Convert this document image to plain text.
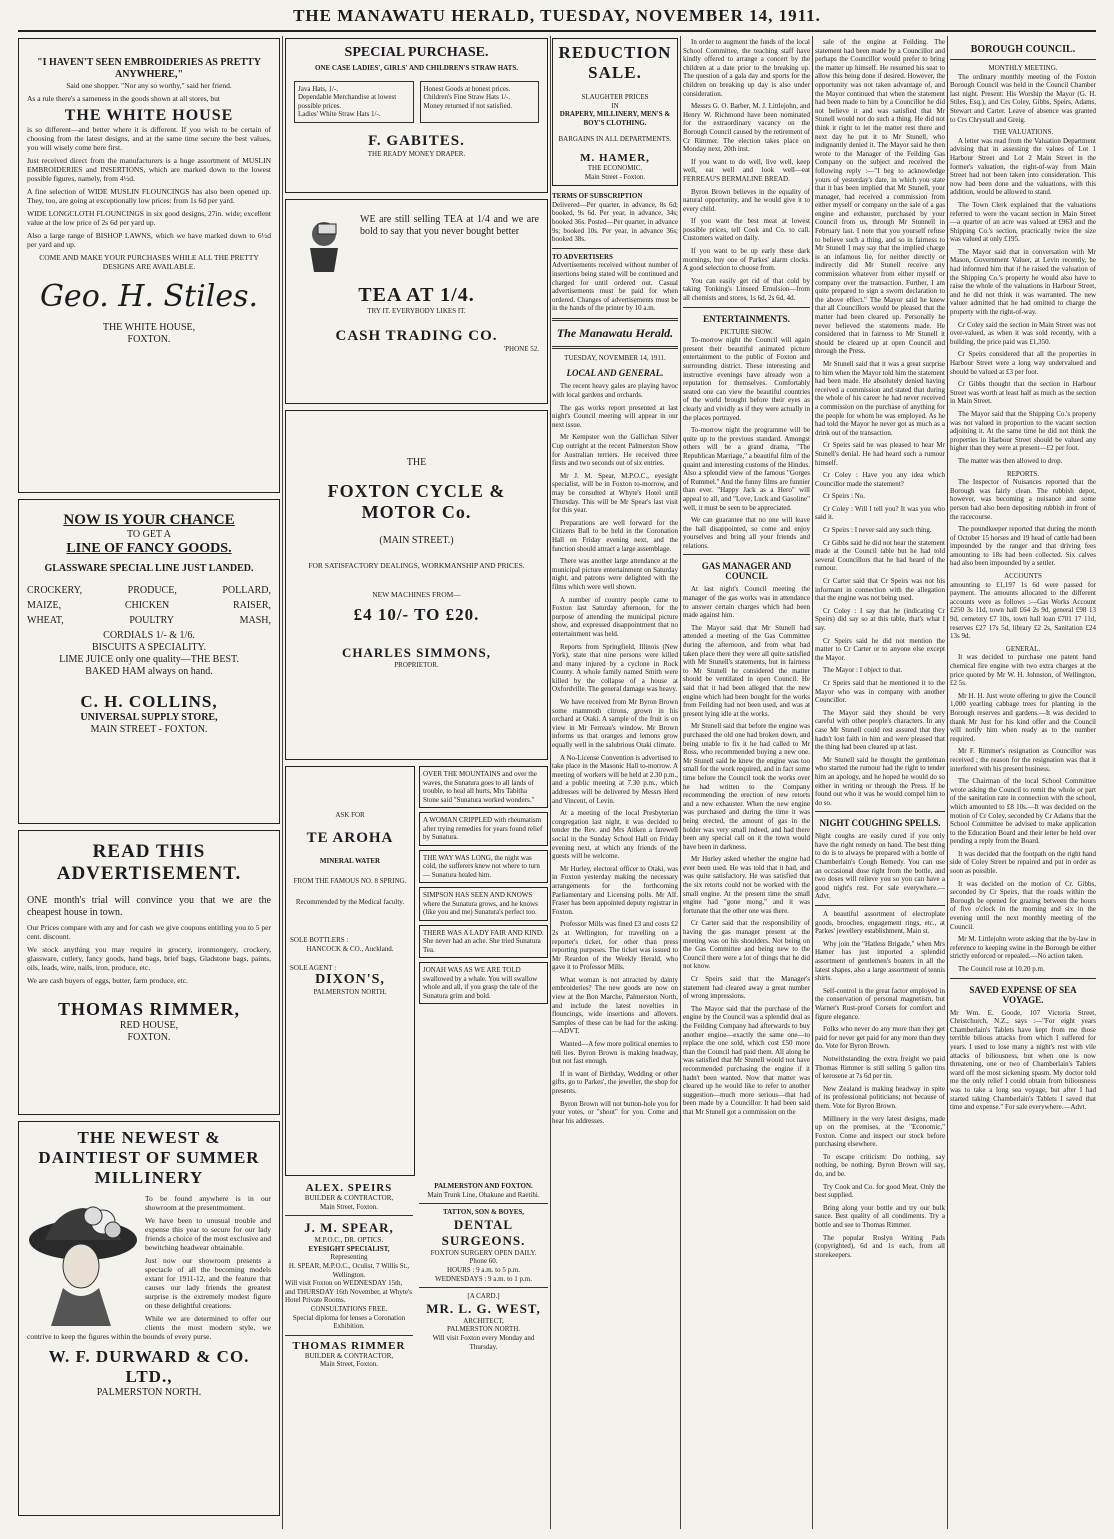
THE MANAWATU HERALD, TUESDAY, NOVEMBER 14, 1911.
"I HAVEN'T SEEN EMBROIDERIES AS PRETTY ANYWHERE,"

Said one shopper. "Nor any so worthy," said her friend.

As a rule there's a sameness in the goods shown at all stores, but

THE WHITE HOUSE

is so different—and better where it is different. If you wish to be certain of choosing from the latest designs, and at the same time secure the best values, you will wisely come here first.

Just received direct from the manufacturers is a huge assortment of MUSLIN EMBROIDERIES and INSERTIONS, which are marked down to the lowest possible figures, namely, from 4½d.

A fine selection of WIDE MUSLIN FLOUNCINGS has also been opened up. They, too, are going at exceptionally low prices: from 1s 6d per yard.

WIDE LONGCLOTH FLOUNCINGS in six good designs, 27in. wide; excellent value at the low price of 2s 6d per yard up.

Also a large range of BISHOP LAWNS, which we have marked down to 6½d per yard and up.

COME AND MAKE YOUR PURCHASES WHILE ALL THE PRETTY DESIGNS ARE AVAILABLE.

Geo. H. Stiles.
THE WHITE HOUSE,
FOXTON.
NOW IS YOUR CHANCE
TO GET A
LINE OF FANCY GOODS.
GLASSWARE SPECIAL LINE JUST LANDED.
CROCKERY,	PRODUCE,	POLLARD,
MAIZE,	CHICKEN	RAISER,
WHEAT,	POULTRY	MASH,
CORDIALS 1/- & 1/6.
BISCUITS A SPECIALITY.
LIME JUICE only one quality—THE BEST.
BAKED HAM always on hand.
C. H. COLLINS,
UNIVERSAL SUPPLY STORE,
MAIN STREET - FOXTON.
READ THIS ADVERTISEMENT.

ONE month's trial will convince you that we are the cheapest house in town.

Our Prices compare with any and for cash we give coupons entitling you to 5 per cent. discount.

We stock anything you may require in grocery, ironmongery, crockery, glassware, cutlery, fancy goods, hand bags, brief bags, Gladstone bags, paints, oils, leads, wire, nails, iron, produce, etc.

We are cash buyers of eggs, butter, farm produce, etc.

THOMAS RIMMER,
RED HOUSE,
FOXTON.
THE NEWEST & DAINTIEST OF SUMMER MILLINERY

To be found anywhere is in our showroom at the presentmoment.

We have been to unusual trouble and expense this year to secure for our lady friends a choice of the most exclusive and bewitching headwear obtainable.

Just now our showroom presents a spectacle of all the becoming models extant for 1911-12, and the feature that causes our lady friends the greatest surprise is the extremely modest figure on these delightful creations.

While we are determined to offer our clients the most modern style, we contrive to keep the figures within the bounds of every purse.

W. F. DURWARD & CO. LTD.,
PALMERSTON NORTH.
SPECIAL PURCHASE.
ONE CASE LADIES', GIRLS' AND CHILDREN'S STRAW HATS.
Java Hats, 1/-.
Dependable Merchandise at lowest possible prices.
Ladies' White Straw Hats 1/-.
Honest Goods at honest prices.
Children's Fine Straw Hats 1/-.
Money returned if not satisfied.
F. GABITES.
THE READY MONEY DRAPER.

WE are still selling TEA at 1/4 and we are bold to say that you never bought better

TEA AT 1/4.
TRY IT. EVERYBODY LIKES IT.
CASH TRADING CO.
'PHONE 52.
THE
FOXTON CYCLE & MOTOR Co.
(MAIN STREET.)
FOR SATISFACTORY DEALINGS, WORKMANSHIP AND PRICES.
NEW MACHINES FROM—
£4 10/- TO £20.
CHARLES SIMMONS,
PROPRIETOR.
ASK FOR
TE AROHA
MINERAL WATER
FROM THE FAMOUS NO. 8 SPRING.
Recommended by the Medical faculty.
SOLE BOTTLERS :
HANCOCK & CO., Auckland.
SOLE AGENT :
DIXON'S,
PALMERSTON NORTH.
OVER THE MOUNTAINS and over the waves, the Sunatura goes to all lands of trouble, to heal all hurts, Mrs Tabitha Stone said "Sunatura worked wonders."
A WOMAN CRIPPLED with rheumatism after trying remedies for years found relief by Sunatura.
THE WAY WAS LONG, the night was cold, the sufferers knew not where to turn — Sunatura healed him.
SIMPSON HAS SEEN AND KNOWS where the Sunatura grows, and he knows (like you and me) Sunatura's perfect too.
THERE WAS A LADY FAIR AND KIND. She never had an ache. She tried Sunatura Tea.
JONAH WAS AS WE ARE TOLD swallowed by a whale. You will swallow whole and all, if you grasp the tale of the Sunatura grim and bold.
ALEX. SPEIRS
BUILDER & CONTRACTOR,
Main Street, Foxton.
J. M. SPEAR,
M.P.O.C., DR. OPTICS.
EYESIGHT SPECIALIST,
Representing
H. SPEAR, M.P.O.C., Oculist, 7 Willis St., Wellington.
Will visit Foxton on WEDNESDAY 15th, and THURSDAY 16th November, at Whyte's Hotel Private Rooms.
CONSULTATIONS FREE.
Special diploma for lenses a Coronation Exhibition.
THOMAS RIMMER
BUILDER & CONTRACTOR,
Main Street, Foxton.
PALMERSTON AND FOXTON.
Main Trunk Line, Ohakune and Raetihi.
TATTON, SON & BOYES,
DENTAL SURGEONS.
FOXTON SURGERY OPEN DAILY.
Phone 60.
HOURS : 9 a.m. to 5 p.m.
WEDNESDAYS : 9 a.m. to 1 p.m.
[A CARD.]
MR. L. G. WEST,
ARCHITECT,
PALMERSTON NORTH.
Will visit Foxton every Monday and Thursday.
REDUCTION
SALE.
SLAUGHTER PRICES
IN
DRAPERY, MILLINERY, MEN'S & BOY'S CLOTHING.
BARGAINS IN ALL DEPARTMENTS.
M. HAMER,
THE ECONOMIC.
Main Street - Foxton.
TERMS OF SUBSCRIPTION

Delivered—Per quarter, in advance, 8s 6d; booked, 9s 6d. Per year, in advance, 34s; booked 36s. Posted—Per quarter, in advance 9s; booked 10s. Per year, in advance 36s; booked 38s.

TO ADVERTISERS

Advertisements received without number of insertions being stated will be continued and charged for until ordered out. Casual advertisements must be paid for when ordered. Changes of advertisements must be in the hands of the printer by 10 a.m.

The Manawatu Herald.
TUESDAY, NOVEMBER 14, 1911.
LOCAL AND GENERAL.

The recent heavy gales are playing havoc with local gardens and orchards.

The gas works report presented at last night's Council meeting will appear in our next issue.

Mr Kempster won the Gallichan Silver Cup outright at the recent Palmerston Show for Australian terriers. He received three firsts and two seconds out of six entries.

Mr J. M. Spear, M.P.O.C., eyesight specialist, will be in Foxton to-morrow, and may be consulted at Whyte's Hotel until Thursday. This will be Mr Spear's last visit for this year.

Preparations are well forward for the Citizens Ball to be held in the Coronation Hall on Friday evening next, and the function should attract a large assemblage.

There was another large attendance at the municipal picture entertainment on Saturday night, and patrons were delighted with the films which were well shown.

A number of country people came to Foxton last Saturday afternoon, for the purpose of attending the municipal picture show, and expressed disappointment that no entertainment was held.

Reports from Springfield, Illinois (New York), state that nine persons were killed and many injured by a cyclone in Rock County. A whole family named Smith were killed by the collapse of a house at Oxfordville. The general damage was heavy.

We have received from Mr Byron Brown some mammoth citrons, grown in his orchard at Otaki. A sample of the fruit is on view in Mr Ferreau's window. Mr Brown informs us that oranges and lemons grow equally well in the salubrious Otaki climate.

A No-License Convention is advertised to take place in the Masonic Hall to-morrow. A meeting of workers will be held at 2.30 p.m., and a public meeting at 7.30 p.m., which addresses will be delivered by Messrs Herd and Vincent, of Levin.

At a meeting of the local Presbyterian congregation last night, it was decided to tender the Rev. and Mrs Aitken a farewell social in the Sunday School Hall on Friday evening next, at which any friends of the guests will be welcome.

Mr Hurley, electoral officer to Otaki, was in Foxton yesterday making the necessary arrangements for the forthcoming Parliamentary and Licensing polls. Mr Alf. Fraser has been appointed deputy registrar in Foxton.

Professor Mills was fined £3 and costs £2 2s at Wellington, for travelling on a reporter's ticket, for other than press reporting purposes. The ticket was issued to Mr Reardon of the Weekly Herald, who gave it to Professor Mills.

What woman is not attracted by dainty embroideries? The new goods are now on view at the Bon Marche, Palmerston North, and include the latest novelties in flouncings, wide insertions and allovers. Samples of these can be had for the asking.—ADVT.

Wanted—A few more political enemies to tell lies. Byron Brown is making headway, but not fast enough.

If in want of Birthday, Wedding or other gifts, go to Parkes', the jeweller, the shop for presents.

Byron Brown will not button-hole you for your votes, or "shout" for you. Come and hear his addresses.

In order to augment the funds of the local School Committee, the teaching staff have kindly offered to arrange a concert by the children at a date prior to the breaking up. The question of a gala day and sports for the children on breaking up day is also under consideration.

Messrs G. O. Barber, M. J. Littlejohn, and Henry W. Richmond have been nominated for the extraordinary vacancy on the Borough Council caused by the retirement of Cr Rimmer. The election takes place on Monday next, 20th inst.

If you want to do well, live well, keep well, eat well and look well—eat FERREAU'S BERMALINE BREAD.

Byron Brown believes in the equality of natural opportunity, and he would give it to every child.

If you want the best meat at lowest possible prices, tell Cook and Co. to call. Customers waited on daily.

If you want to be up early these dark mornings, buy one of Parkes' alarm clocks. A good selection to choose from.

You can easily get rid of that cold by taking Tonking's Linseed Emulsion—from all chemists and stores, 1s 6d, 2s 6d, 4d.

ENTERTAINMENTS.
PICTURE SHOW.

To-morrow night the Council will again present their beautiful animated picture entertainment to the public of Foxton and surrounding district. These interesting and instructive evenings have already won a reputation for themselves. Comfortably seated one can view the beautiful countries of the world brought before their eyes as clearly and vividly as if they were actually in the places portrayed.

To-morrow night the programme will be quite up to the previous standard. Amongst others will be a grand drama, "The Republican Marriage," a beautiful film of the quaint and interesting customs of the Hindus. Also a splendid view of the famous "Gorges of Rummel." And the funny films are funnier than ever. "Happy Jack as a Hero" will appeal to all, and "Love, Luck and Gasoline" well, it must be seen to be appreciated.

We can guarantee that no one will leave the hall disappointed, so come and enjoy yourselves and bring all your friends and relations.

GAS MANAGER AND COUNCIL

At last night's Council meeting the manager of the gas works was in attendance to answer certain charges which had been made against him.

The Mayor said that Mr Stunell had attended a meeting of the Gas Committee during the afternoon, and from what had taken place there they were all quite satisfied with Mr Stunell's statements, but in fairness to Mr Stunell he considered the matter should be ventilated in open Council. He said that it had been alleged that the new engine which had been bought for the works from Feilding had not been used, and was at present lying idle at the works.

Mr Stunell said that before the engine was purchased the old one had broken down, and being unable to fix it he had called to Mr Ross, who recommended buying a new one. Mr Stunell said he knew the engine was too small for the work required, and in fact some time before the Council took the works over he had written to the Company recommending the erection of new retorts and a new exhauster. When the new engine was purchased and during the time it was being erected, the amount of gas in the holder was very small indeed, and had there been any special call on it the town would have been in darkness.

Mr Hurley asked whether the engine had ever been used. He was told that it had, and was quite satisfactory. He was satisfied that the six retorts could not be worked with the small engine. At the present time the small engine had "gone mong," and it was fortunate that the other one was there.

Cr Carter said that the responsibility of having the gas manager present at the meeting was on his shoulders. Not being on the Gas Committee and being new to the Council there were a lot of things that he did not know.

Cr Speirs said that the Manager's statement had cleared away a great number of wrong impressions.

The Mayor said that the purchase of the engine by the Council was a splendid deal as the Feilding Company had afterwards to buy another engine—exactly the same one—to replace the one sold, which cost £50 more than the Council had paid them. All along he was satisfied that Mr Stunell would not have recommended purchasing the engine if it hadn't been wanted. Now that matter was cleared up he would like to refer to another suggestion—much more serious—that had been made by a Councillor. It had been said that Mr Stunell got a commission on the

sale of the engine at Feilding. The statement had been made by a Councillor and perhaps the Councillor would prefer to bring the matter up himself. He resumed his seat to allow this being done if desired. However, the opportunity was not taken advantage of, and the Mayor continued that when the statement had been made to him by a Councillor he did not believe it and was satisfied that Mr Stunell would not do such a thing. He did not think it right to let the matter rest there and next day he put it to Mr Stunell, who indignantly denied it. The Mayor said he then wrote to the Manager of the Feilding Gas Company on the subject and received the following reply :—"I beg to acknowledge yours of yesterday's date, in which you state that it has been implied that Mr Stunell, your manager, had received a commission from either myself or company on the sale of a gas engine and exhauster, purchased by your Council from us, through Mr Stunnell in February last. I note that you yourself refuse to believe such a thing, and so in fairness to Mr Stunell I may say that the implied charge is an infamous lie, for neither directly or indirectly did Mr Stunell receive any commission whatever from either myself or company over the transaction. Further, I am quite prepared to sign a sworn declaration to the above effect." The Mayor said he knew that all Councillors would be pleased that the matter had been cleared up. Personally he never believed the statements made. He considered that in fairness to Mr Stunell it should be cleared up at open Council and through the Press.

Mr Stunell said that it was a great surprise to him when the Mayor told him the statement had been made. He absolutely denied having received a commission and stated that during the whole of his career he had never received a commission on the purchase of anything for the people for whom he was employed. As he had told the Mayor he never got as much as a drink out of the transaction.

Cr Speirs said he was pleased to hear Mr Stunell's denial. He had heard such a rumour himself.

Cr Coley : Have you any idea which Councillor made the statement?

Cr Speirs : No.

Cr Coley : Will I tell you? It was you who said it.

Cr Speirs : I never said any such thing.

Cr Gibbs said he did not hear the statement made at the Council table but he had told several Councillors that he had heard of the rumour.

Cr Carter said that Cr Speirs was not his informant in connection with the allegation that the engine was not being used.

Cr Coley : I say that he (indicating Cr Speirs) did say so at this table, that's what I say.

Cr Speirs said he did not mention the matter to Cr Carter or to anyone else except the Mayor.

The Mayor : I object to that.

Cr Speirs said that he mentioned it to the Mayor who was in company with another Councillor.

The Mayor said they should be very careful with other people's characters. In any case Mr Stunell could rest assured that they hadn't lost faith in him and were pleased that the thing had been cleared up at last.

Mr Stunell said he thought the gentleman who started the rumour had the right to tender him an apology, and he hoped he would do so either in writing or through the Press. If he found out who it was he would compel him to do so.

NIGHT COUGHING SPELLS.

Night coughs are easily cured if you only have the right remedy on hand. The best thing to do is to always be prepared with a bottle of Chamberlain's Cough Remedy. You can use an occasional dose right from the bottle, and two doses will relieve you so you can have a good night's rest. For sale everywhere.—Advt.

A beautiful assortment of electroplate goods, brooches, engagement rings, etc., at Parkes' jewellery establishment, Main st.

Why join the "Hatless Brigade," when Mrs Hamer has just imported a splendid assortment of gentlemen's boaters in all the latest shapes, also a large assortment of tennis shirts.

Self-control is the great factor employed in the conservation of personal magnetism, but Warner's Rust-proof Corsets for comfort and figure elegance.

Folks who never do any more than they get paid for never get paid for any more than they do. Vote for Byron Brown.

Notwithstanding the extra freight we paid Thomas Rimmer is still selling 5 gallon tins of kerosene at 7s 6d per tin.

New Zealand is making headway in spite of its professional politicians; not because of them. Vote for Byron Brown.

Millinery in the very latest designs, made up on the premises, at the "Economic," Foxton. Come and inspect our stock before purchasing elsewhere.

To escape criticism: Do nothing, say nothing, be nothing. Byron Brown will say, do, and be.

Try Cook and Co. for good Meat. Only the best supplied.

Bring along your bottle and try our bulk sauce. Best quality of all condiments. Try a bottle and see to Thomas Rimmer.

The popular Roslyn Writing Pads (copyrighted), 6d and 1s each, from all storekeepers.

BOROUGH COUNCIL.
MONTHLY MEETING.

The ordinary monthly meeting of the Foxton Borough Council was held in the Council Chamber last night. Present: His Worship the Mayor (G. H. Stiles, Esq.), and Crs Coley, Gibbs, Speirs, Adams, Stewart and Carter. Leave of absence was granted to Crs Chrystall and Greig.

THE VALUATIONS.

A letter was read from the Valuation Department advising that in assessing the values of Lot 1 Harbour Street and Lot 2 Main Street in the former's valuation, the right-of-way from Main Street had not been taken into consideration. This now had been done and the valuations, with this addition, would be allowed to stand.

The Town Clerk explained that the valuations referred to were the vacant section in Main Street —a quarter of an acre was valued at £963 and the Shipping Co.'s section, practically twice the size was valued at only £195.

The Mayor said that in conversation with Mr Mason, Government Valuer, at Levin recently, he had informed him that if he raised the valuation of the Shipping Co.'s property he would also have to raise the whole of the valuations in Harbour Street, and he did not think it was warranted. The new valuer admitted that he had omitted to charge the property with the right-of-way.

Cr Coley said the section in Main Street was not over-valued, as when it was sold recently, with a building, the price paid was £1,350.

Cr Speirs considered that all the properties in Harbour Street were a long way undervalued and should be valued at £3 per foot.

Cr Gibbs thought that the section in Harbour Street was worth at least half as much as the section in Main Street.

The Mayor said that the Shipping Co.'s property was not valued in proportion to the vacant section adjoining it. At the same time he did not think the properties in Harbour Street should be valued any higher than they were at present—£2 per foot.

The matter was then allowed to drop.

REPORTS.

The Inspector of Nuisances reported that the Borough was fairly clean. The rubbish depot, however, was becoming a nuisance and some person had also been depositing rubbish in front of the racecourse.

The poundkeeper reported that during the month of October 15 horses and 19 head of cattle had been impounded by the ranger and that driving fees amounting to 18s had been collected. Six calves had also been impounded by a settler.

ACCOUNTS

amounting to £1,197 1s 6d were passed for payment. The amounts allocated to the different accounts were as follows :—Gas Works Account £250 3s 11d, town hall £64 2s 9d, general £98 13 9d, cemetery £7 10s, town hall loan £701 17 11d, reserves £27 17s 5d, library £2 2s, Sanitation £24 13s 9d.

GENERAL.

It was decided to purchase one patent hand chemical fire engine with two extra charges at the price quoted by Mr W. H. Johnston, of Wellington, £2 5s.

Mr H. H. Just wrote offering to give the Council 1,000 yearling cabbage trees for planting in the Borough reserves and gardens.—It was decided to thank Mr Just for his kind offer and the Council will notify him when ready as to the number required.

Mr F. Rimmer's resignation as Councillor was received ; the reason for the resignation was that it interfered with his present business.

The Chairman of the local School Committee wrote asking the Council to remit the whole or part of the sanitation rate in connection with the school, which amounted to £8 10s.—It was decided on the motion of Cr Coley, seconded by Cr Adams that the School Committee be advised to make application to the Education Board and their letter be held over pending a reply from the Board.

It was decided that the footpath on the right hand side of Coley Street be repaired and put in order as soon as possible.

It was decided on the motion of Cr. Gibbs, seconded by Cr Speirs, that the roads within the Borough be opened for grazing between the hours of five o'clock in the morning and six in the evening until the next monthly meeting of the Council.

Mr M. Littlejohn wrote asking that the by-law in reference to keeping swine in the Borough be either strictly enforced or repealed.—No action taken.

The Council rose at 10.20 p.m.

SAVED EXPENSE OF SEA VOYAGE.

Mr Wm. E. Goode, 107 Victoria Street, Christchurch, N.Z., says :—"For eight years Chamberlain's Tablets have kept from me those terrible bilious attacks from which I suffered for years. I used to lose many a night's rest with vile attacks of biliousness, but when one is now threatening, one or two of Chamberlain's Tablets ward off the most sickening spasm. My doctor told me the only relief I could obtain from biliousness was to take a long sea voyage, but after I had started taking Chamberlain's Tablets I saved that time and expense." For sale everywhere.—Advt.
